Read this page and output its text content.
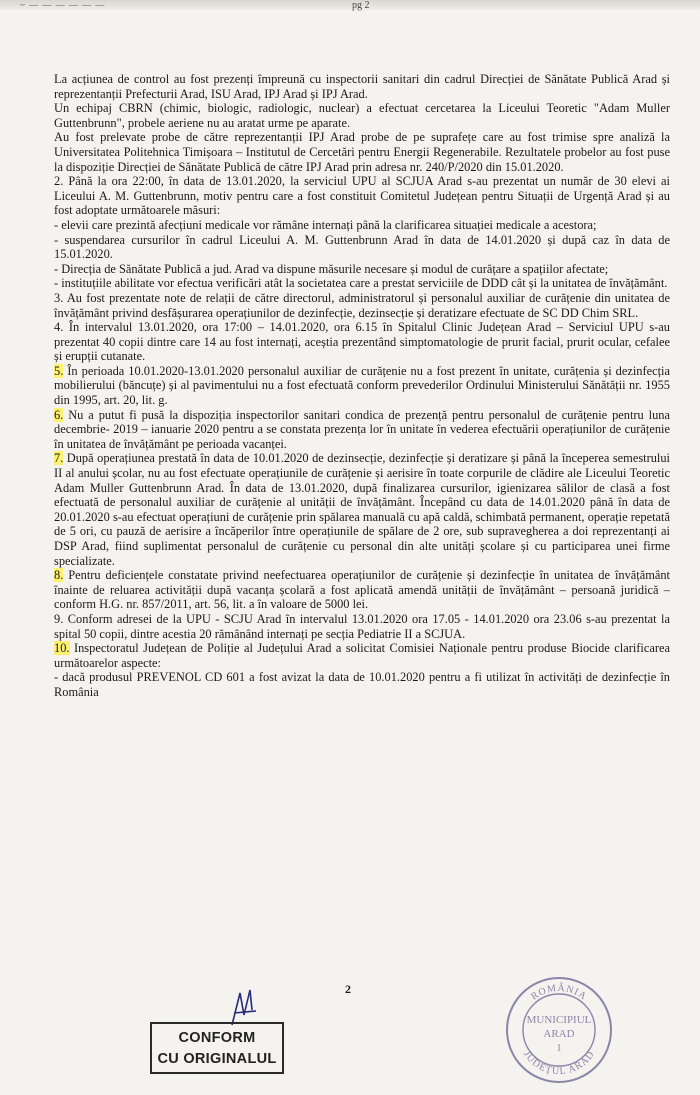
~ — — — — — —	pg 2

La acțiunea de control au fost prezenți împreună cu inspectorii sanitari din cadrul Direcției de Sănătate Publică Arad și reprezentanții Prefecturii Arad, ISU Arad, IPJ Arad și IPJ Arad.

Un echipaj CBRN (chimic, biologic, radiologic, nuclear) a efectuat cercetarea la Liceului Teoretic "Adam Muller Guttenbrunn", probele aeriene nu au aratat urme pe aparate.

Au fost prelevate probe de către reprezentanții IPJ Arad probe de pe suprafețe care au fost trimise spre analiză la Universitatea Politehnica Timișoara – Institutul de Cercetări pentru Energii Regenerabile. Rezultatele probelor au fost puse la dispoziție Direcției de Sănătate Publică de către IPJ Arad prin adresa nr. 240/P/2020 din 15.01.2020.

2. Până la ora 22:00, în data de 13.01.2020, la serviciul UPU al SCJUA Arad s-au prezentat un număr de 30 elevi ai Liceului A. M. Guttenbrunn, motiv pentru care a fost constituit Comitetul Județean pentru Situații de Urgență Arad și au fost adoptate următoarele măsuri:

- elevii care prezintă afecțiuni medicale vor rămâne internați până la clarificarea situației medicale a acestora;

- suspendarea cursurilor în cadrul Liceului A. M. Guttenbrunn Arad în data de 14.01.2020 și după caz în data de 15.01.2020.

- Direcția de Sănătate Publică a jud. Arad va dispune măsurile necesare și modul de curățare a spațiilor afectate;

- instituțiile abilitate vor efectua verificări atât la societatea care a prestat serviciile de DDD cât și la unitatea de învățământ.

3. Au fost prezentate note de relații de către directorul, administratorul și personalul auxiliar de curățenie din unitatea de învățământ privind desfășurarea operațiunilor de dezinfecție, dezinsecție și deratizare efectuate de SC DD Chim SRL.

4. În intervalul 13.01.2020, ora 17:00 – 14.01.2020, ora 6.15 în Spitalul Clinic Județean Arad – Serviciul UPU s-au prezentat 40 copii dintre care 14 au fost internați, aceștia prezentând simptomatologie de prurit facial, prurit ocular, cefalee și erupții cutanate.

5. În perioada 10.01.2020-13.01.2020 personalul auxiliar de curățenie nu a fost prezent în unitate, curățenia și dezinfecția mobilierului (băncuțe) și al pavimentului nu a fost efectuată conform prevederilor Ordinului Ministerului Sănătății nr. 1955 din 1995, art. 20, lit. g.

6. Nu a putut fi pusă la dispoziția inspectorilor sanitari condica de prezență pentru personalul de curățenie pentru luna decembrie- 2019 – ianuarie 2020 pentru a se constata prezența lor în unitate în vederea efectuării operațiunilor de curățenie în unitatea de învățământ pe perioada vacanței.

7. După operațiunea prestată în data de 10.01.2020 de dezinsecție, dezinfecție și deratizare și până la începerea semestrului II al anului școlar, nu au fost efectuate operațiunile de curățenie și aerisire în toate corpurile de clădire ale Liceului Teoretic Adam Muller Guttenbrunn Arad. În data de 13.01.2020, după finalizarea cursurilor, igienizarea sălilor de clasă a fost efectuată de personalul auxiliar de curățenie al unității de învățământ. Începând cu data de 14.01.2020 până în data de 20.01.2020 s-au efectuat operațiuni de curățenie prin spălarea manuală cu apă caldă, schimbată permanent, operație repetată de 5 ori, cu pauză de aerisire a încăperilor între operațiunile de spălare de 2 ore, sub supravegherea a doi reprezentanți ai DSP Arad, fiind suplimentat personalul de curățenie cu personal din alte unități școlare și cu participarea unei firme specializate.

8. Pentru deficiențele constatate privind neefectuarea operațiunilor de curățenie și dezinfecție în unitatea de învățământ înainte de reluarea activității după vacanța școlară a fost aplicată amendă unității de învățământ – persoană juridică – conform H.G. nr. 857/2011, art. 56, lit. a în valoare de 5000 lei.

9. Conform adresei de la UPU - SCJU Arad în intervalul 13.01.2020 ora 17.05 - 14.01.2020 ora 23.06 s-au prezentat la spital 50 copii, dintre acestia 20 rămânând internați pe secția Pediatrie II a SCJUA.

10. Inspectoratul Județean de Poliție al Județului Arad a solicitat Comisiei Naționale pentru produse Biocide clarificarea următoarelor aspecte:

- dacă produsul PREVENOL CD 601 a fost avizat la data de 10.01.2020 pentru a fi utilizat în activități de dezinfecție în România

2
CONFORM
CU ORIGINALUL
ROMÂNIA
JUDEȚUL ARAD
MUNICIPIUL
ARAD
1
